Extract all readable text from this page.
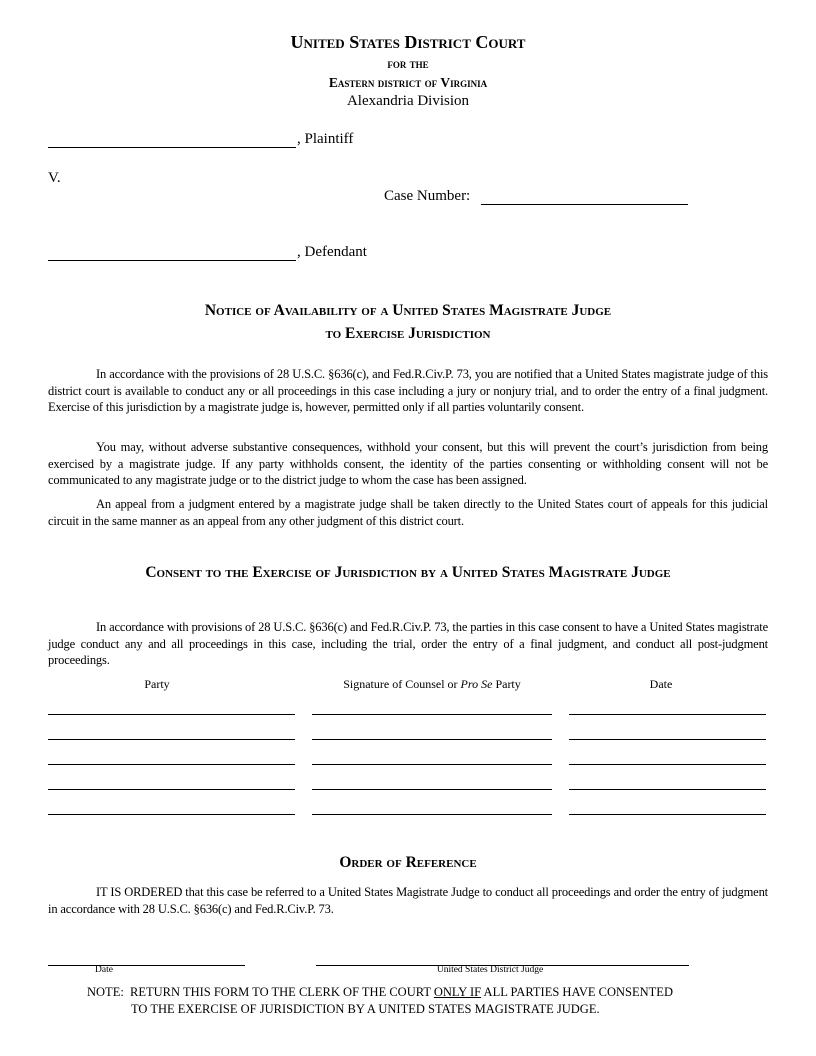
United States District Court
for the
Eastern district of Virginia
Alexandria Division
, Plaintiff
V.
Case Number:
, Defendant
Notice of Availability of a United States Magistrate Judge
to Exercise Jurisdiction
In accordance with the provisions of 28 U.S.C. §636(c), and Fed.R.Civ.P. 73, you are notified that a United States magistrate judge of this district court is available to conduct any or all proceedings in this case including a jury or nonjury trial, and to order the entry of a final judgment. Exercise of this jurisdiction by a magistrate judge is, however, permitted only if all parties voluntarily consent.
You may, without adverse substantive consequences, withhold your consent, but this will prevent the court’s jurisdiction from being exercised by a magistrate judge. If any party withholds consent, the identity of the parties consenting or withholding consent will not be communicated to any magistrate judge or to the district judge to whom the case has been assigned.
An appeal from a judgment entered by a magistrate judge shall be taken directly to the United States court of appeals for this judicial circuit in the same manner as an appeal from any other judgment of this district court.
Consent to the Exercise of Jurisdiction by a United States Magistrate Judge
In accordance with provisions of 28 U.S.C. §636(c) and Fed.R.Civ.P. 73, the parties in this case consent to have a United States magistrate judge conduct any and all proceedings in this case, including the trial, order the entry of a final judgment, and conduct all post-judgment proceedings.
Party	Signature of Counsel or Pro Se Party	Date
Order of Reference
IT IS ORDERED that this case be referred to a United States Magistrate Judge to conduct all proceedings and order the entry of judgment in accordance with 28 U.S.C. §636(c) and Fed.R.Civ.P. 73.
Date	United States District Judge
NOTE:  RETURN THIS FORM TO THE CLERK OF THE COURT ONLY IF ALL PARTIES HAVE CONSENTED
TO THE EXERCISE OF JURISDICTION BY A UNITED STATES MAGISTRATE JUDGE.
